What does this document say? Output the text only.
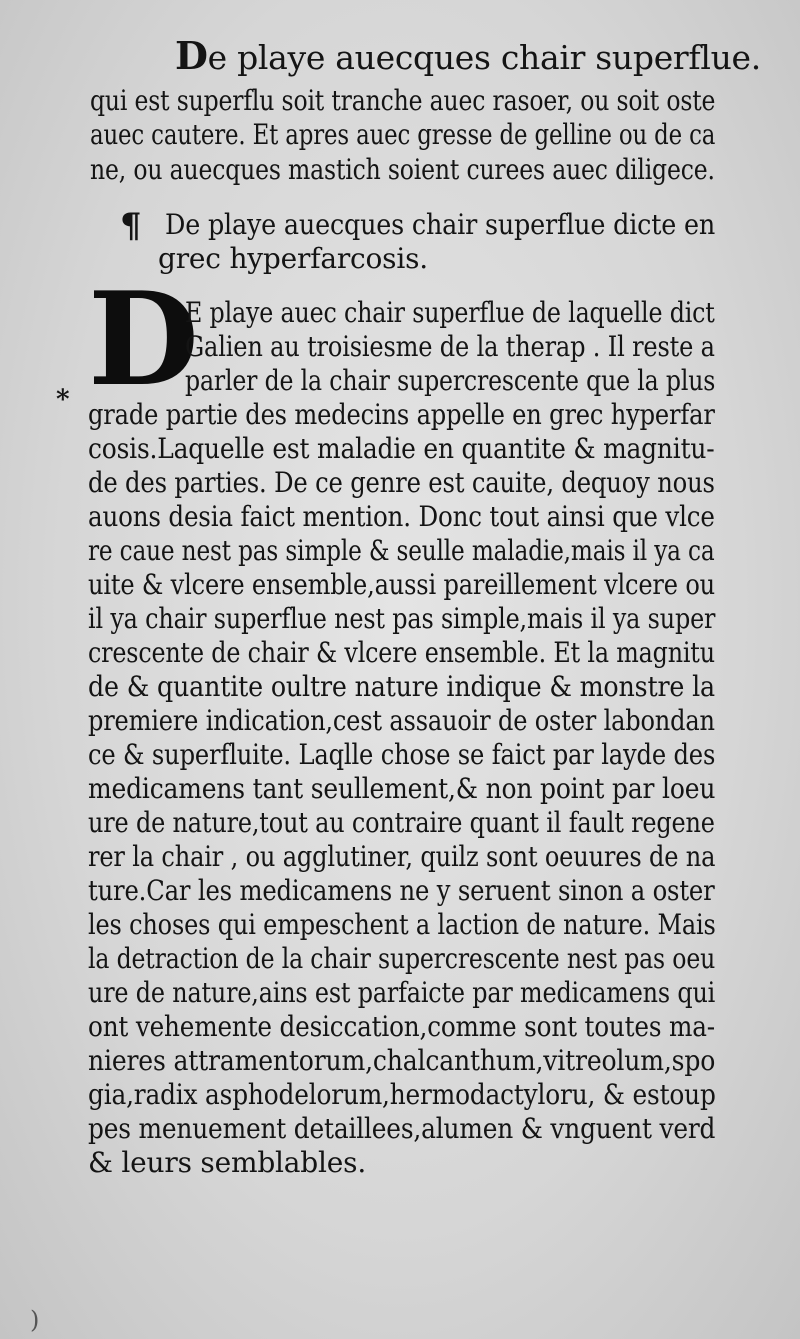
De playe auecques chair superflue.
¶
D
*
qui est superflu soit tranche auec rasoer, ou soit oste
auec cautere. Et apres auec gresse de gelline ou de ca
ne, ou auecques mastich soient curees auec diligece.
De playe auecques chair superflue dicte en
grec hyperfarcosis.
E playe auec chair superflue de laquelle dict
Galien au troisiesme de la therap . Il reste a
parler de la chair supercrescente que la plus
grade partie des medecins appelle en grec hyperfar
cosis.Laquelle est maladie en quantite & magnitu-
de des parties. De ce genre est cauite, dequoy nous
auons desia faict mention. Donc tout ainsi que vlce
re caue nest pas simple & seulle maladie,mais il ya ca
uite & vlcere ensemble,aussi pareillement vlcere ou
il ya chair superflue nest pas simple,mais il ya super
crescente de chair & vlcere ensemble. Et la magnitu
de & quantite oultre nature indique & monstre la
premiere indication,cest assauoir de oster labondan
ce & superfluite. Laqlle chose se faict par layde des
medicamens tant seullement,& non point par loeu
ure de nature,tout au contraire quant il fault regene
rer la chair , ou agglutiner, quilz sont oeuures de na
ture.Car les medicamens ne y seruent sinon a oster
les choses qui empeschent a laction de nature. Mais
la detraction de la chair supercrescente nest pas oeu
ure de nature,ains est parfaicte par medicamens qui
ont vehemente desiccation,comme sont toutes ma-
nieres attramentorum,chalcanthum,vitreolum,spo
gia,radix asphodelorum,hermodactyloru, & estoup
pes menuement detaillees,alumen & vnguent verd
& leurs semblables.
)
